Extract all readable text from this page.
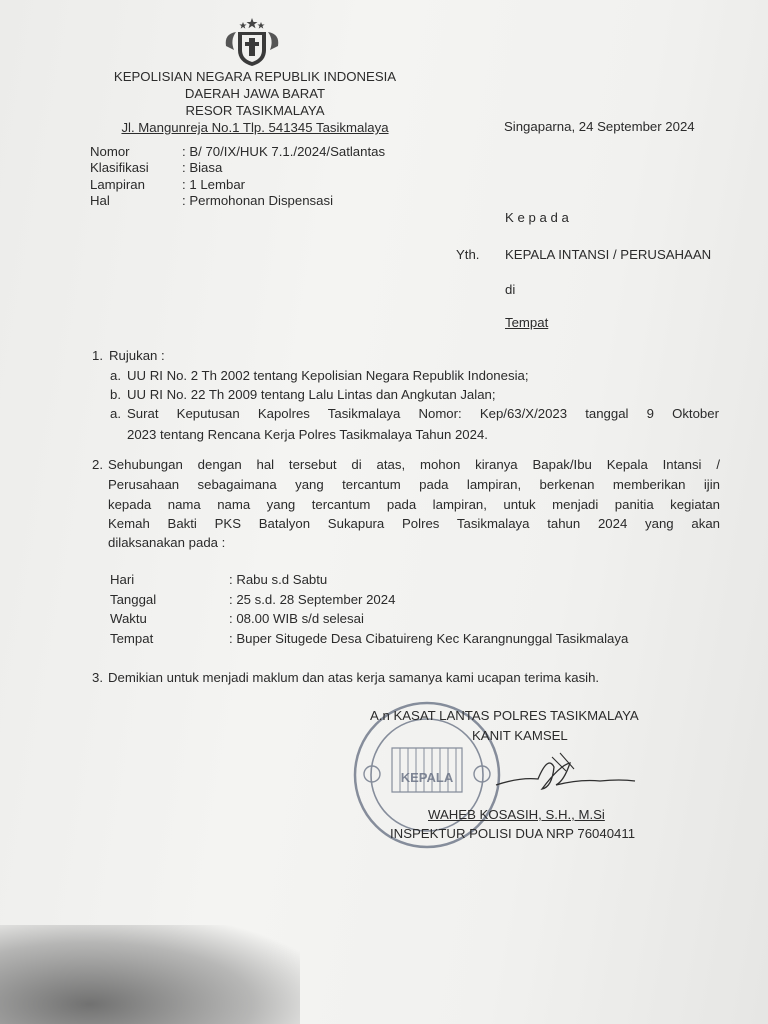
KEPOLISIAN NEGARA REPUBLIK INDONESIA
DAERAH JAWA BARAT
RESOR TASIKMALAYA
Jl. Mangunreja No.1 Tlp. 541345 Tasikmalaya	Singaparna, 24 September 2024
Nomor	: B/ 70/IX/HUK 7.1./2024/Satlantas
Klasifikasi	: Biasa
Lampiran	: 1 Lembar
Hal	: Permohonan Dispensasi
K e p a d a
Yth. KEPALA INTANSI / PERUSAHAAN
di
Tempat
1. Rujukan :
a. UU RI No. 2 Th 2002 tentang Kepolisian Negara Republik Indonesia;
b. UU RI No. 22 Th 2009 tentang Lalu Lintas dan Angkutan Jalan;
a. Surat Keputusan Kapolres Tasikmalaya Nomor: Kep/63/X/2023 tanggal 9 Oktober
2023 tentang Rencana Kerja Polres Tasikmalaya Tahun 2024.
2. Sehubungan dengan hal tersebut di atas, mohon kiranya Bapak/Ibu Kepala Intansi /
Perusahaan sebagaimana yang tercantum pada lampiran, berkenan memberikan ijin
kepada nama nama yang tercantum pada lampiran, untuk menjadi panitia kegiatan
Kemah Bakti PKS Batalyon Sukapura Polres Tasikmalaya tahun 2024 yang akan
dilaksanakan pada :
Hari	: Rabu s.d Sabtu
Tanggal	: 25 s.d. 28 September 2024
Waktu	: 08.00 WIB s/d selesai
Tempat	: Buper Situgede Desa Cibatuireng Kec Karangnunggal Tasikmalaya
3. Demikian untuk menjadi maklum dan atas kerja samanya kami ucapan terima kasih.
KEPALA
A.n KASAT LANTAS POLRES TASIKMALAYA
KANIT KAMSEL
WAHEB KOSASIH, S.H., M.Si
INSPEKTUR POLISI DUA NRP 76040411
